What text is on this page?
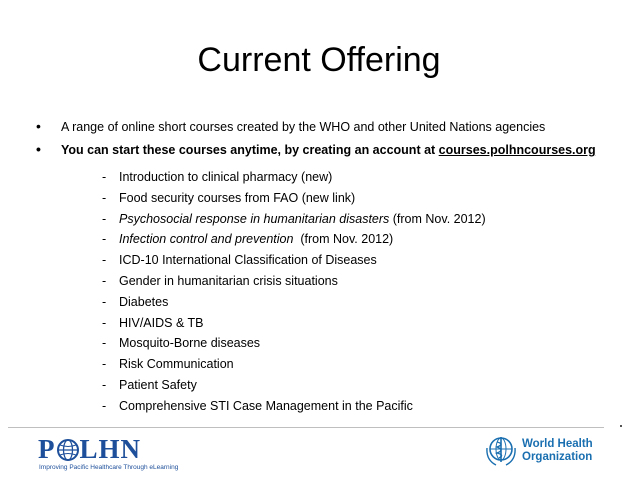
Current Offering
•	A range of online short courses created by the WHO and other United Nations agencies
•	You can start these courses anytime, by creating an account at courses.polhncourses.org
-	Introduction to clinical pharmacy (new)
-	Food security courses from FAO (new link)
-	Psychosocial response in humanitarian disasters (from Nov. 2012)
-	Infection control and prevention (from Nov. 2012)
-	ICD-10 International Classification of Diseases
-	Gender in humanitarian crisis situations
-	Diabetes
-	HIV/AIDS & TB
-	Mosquito-Borne diseases
-	Risk Communication
-	Patient Safety
-	Comprehensive STI Case Management in the Pacific
P LHN
Improving Pacific Healthcare Through eLearning
World Health
Organization
